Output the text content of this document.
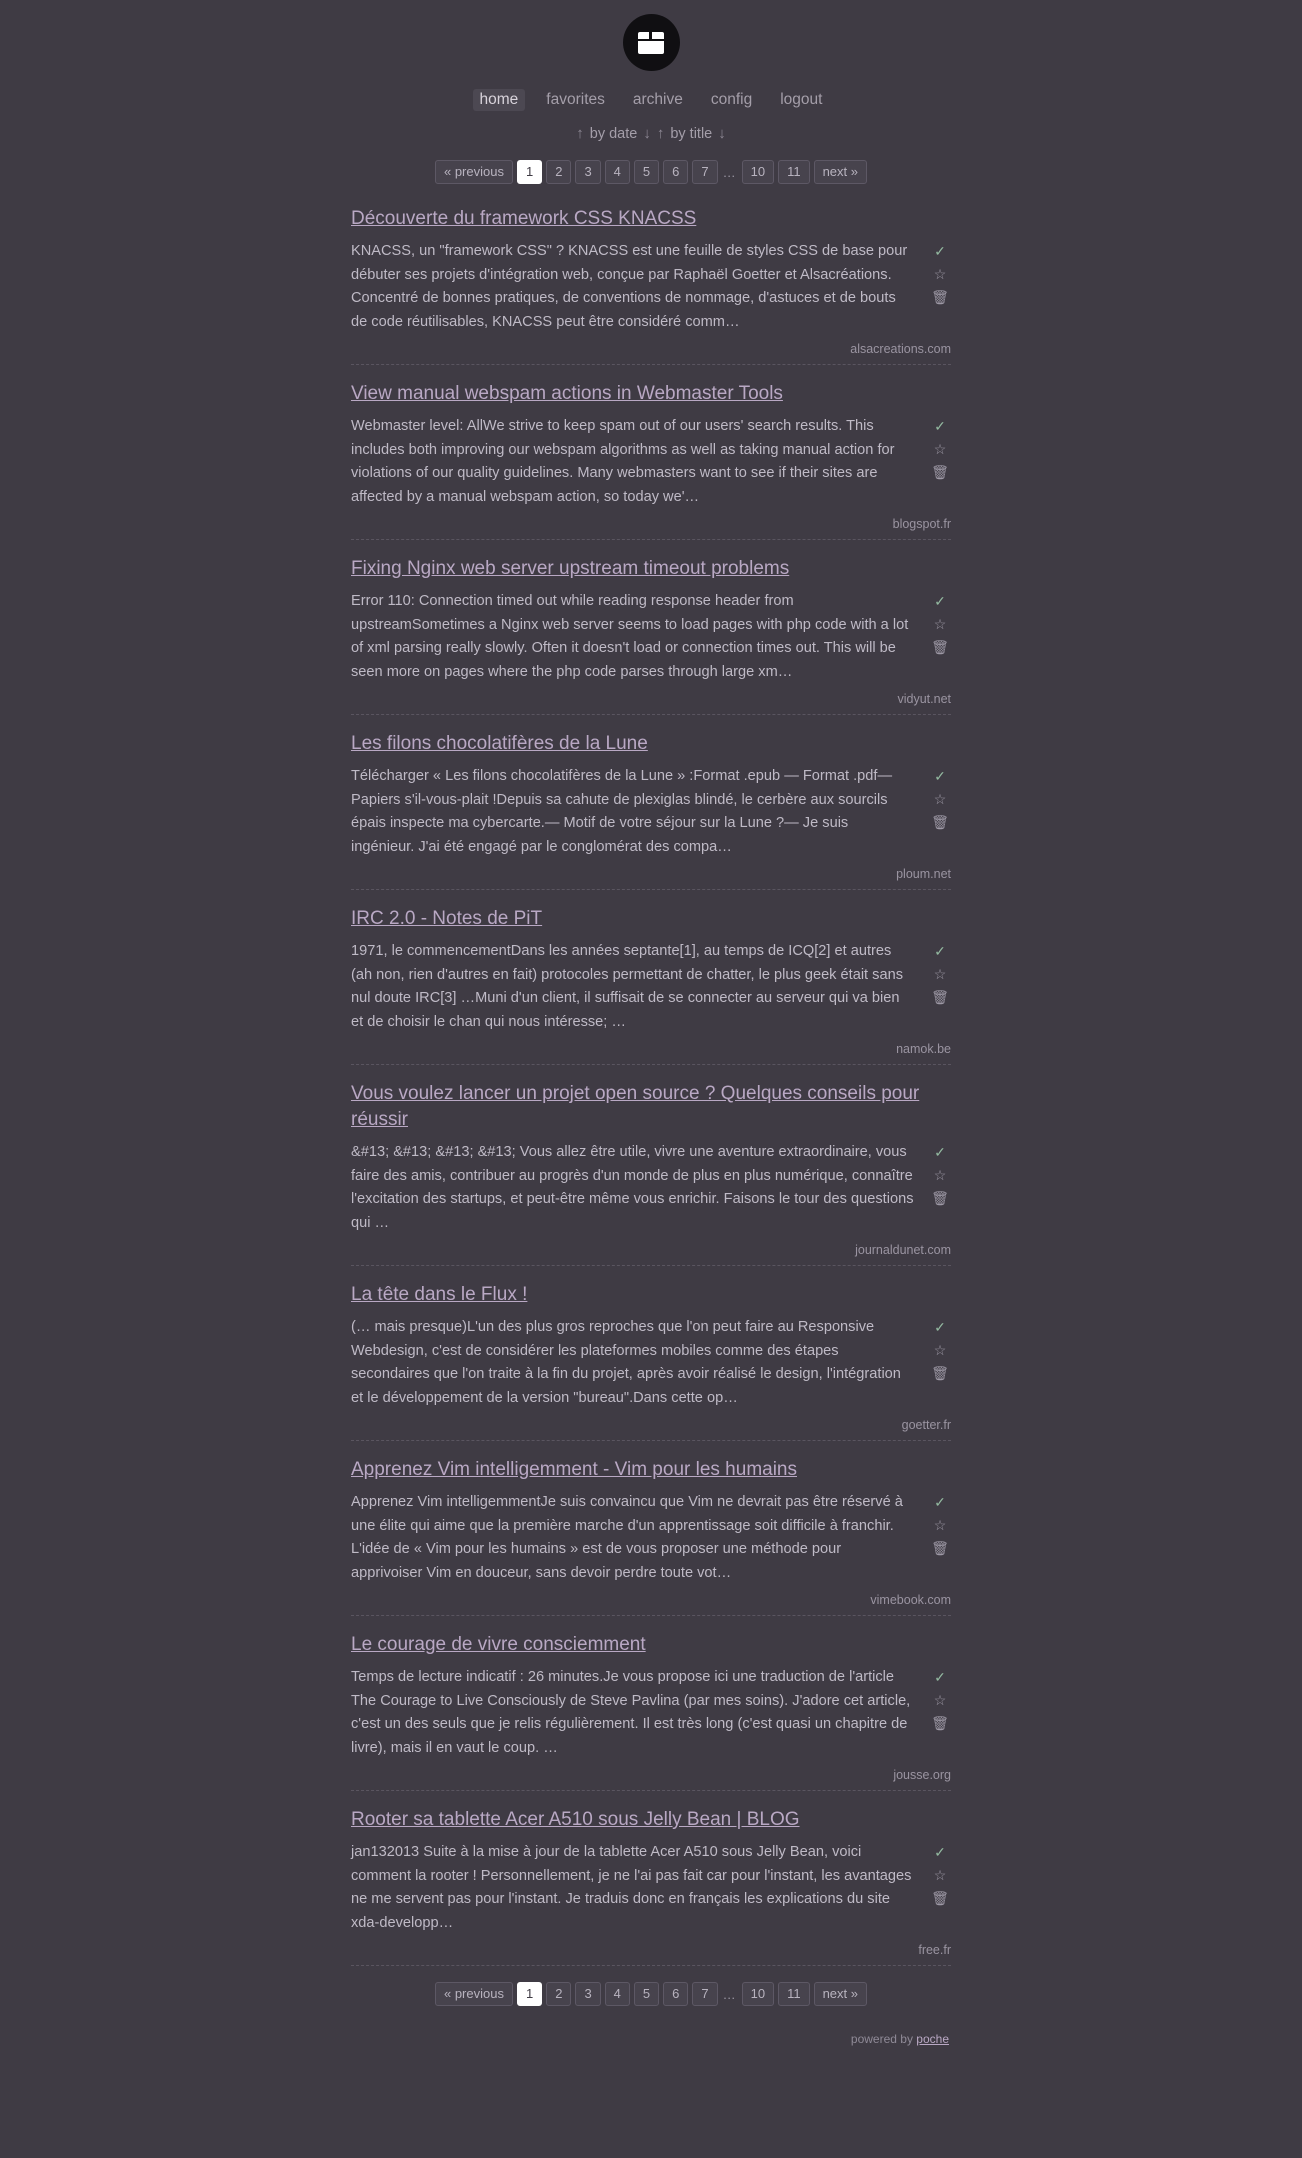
home	favorites	archive	config	logout
↑ by date ↓ ↑ by title ↓
« previous	1	2	3	4	5	6	7	…	10	11	next »
Découverte du framework CSS KNACSS
KNACSS, un "framework CSS" ? KNACSS est une feuille de styles CSS de base pour débuter ses projets d'intégration web, conçue par Raphaël Goetter et Alsacréations. Concentré de bonnes pratiques, de conventions de nommage, d'astuces et de bouts de code réutilisables, KNACSS peut être considéré comm…
✓
☆
🗑
alsacreations.com
View manual webspam actions in Webmaster Tools
Webmaster level: AllWe strive to keep spam out of our users' search results. This includes both improving our webspam algorithms as well as taking manual action for violations of our quality guidelines. Many webmasters want to see if their sites are affected by a manual webspam action, so today we'…
✓
☆
🗑
blogspot.fr
Fixing Nginx web server upstream timeout problems
Error 110: Connection timed out while reading response header from upstreamSometimes a Nginx web server seems to load pages with php code with a lot of xml parsing really slowly. Often it doesn't load or connection times out. This will be seen more on pages where the php code parses through large xm…
✓
☆
🗑
vidyut.net
Les filons chocolatifères de la Lune
Télécharger « Les filons chocolatifères de la Lune » :Format .epub — Format .pdf— Papiers s'il-vous-plait !Depuis sa cahute de plexiglas blindé, le cerbère aux sourcils épais inspecte ma cybercarte.— Motif de votre séjour sur la Lune ?— Je suis ingénieur. J'ai été engagé par le conglomérat des compa…
✓
☆
🗑
ploum.net
IRC 2.0 - Notes de PiT
1971, le commencementDans les années septante[1], au temps de ICQ[2] et autres (ah non, rien d'autres en fait) protocoles permettant de chatter, le plus geek était sans nul doute IRC[3] …Muni d'un client, il suffisait de se connecter au serveur qui va bien et de choisir le chan qui nous intéresse; …
✓
☆
🗑
namok.be
Vous voulez lancer un projet open source ? Quelques conseils pour réussir
&#13; &#13; &#13; &#13; Vous allez être utile, vivre une aventure extraordinaire, vous faire des amis, contribuer au progrès d'un monde de plus en plus numérique, connaître l'excitation des startups, et peut-être même vous enrichir. Faisons le tour des questions qui …
✓
☆
🗑
journaldunet.com
La tête dans le Flux !
(… mais presque)L'un des plus gros reproches que l'on peut faire au Responsive Webdesign, c'est de considérer les plateformes mobiles comme des étapes secondaires que l'on traite à la fin du projet, après avoir réalisé le design, l'intégration et le développement de la version "bureau".Dans cette op…
✓
☆
🗑
goetter.fr
Apprenez Vim intelligemment - Vim pour les humains
Apprenez Vim intelligemmentJe suis convaincu que Vim ne devrait pas être réservé à une élite qui aime que la première marche d'un apprentissage soit difficile à franchir. L'idée de « Vim pour les humains » est de vous proposer une méthode pour apprivoiser Vim en douceur, sans devoir perdre toute vot…
✓
☆
🗑
vimebook.com
Le courage de vivre consciemment
Temps de lecture indicatif : 26 minutes.Je vous propose ici une traduction de l'article The Courage to Live Consciously de Steve Pavlina (par mes soins). J'adore cet article, c'est un des seuls que je relis régulièrement. Il est très long (c'est quasi un chapitre de livre), mais il en vaut le coup. …
✓
☆
🗑
jousse.org
Rooter sa tablette Acer A510 sous Jelly Bean | BLOG
jan132013 Suite à la mise à jour de la tablette Acer A510 sous Jelly Bean, voici comment la rooter ! Personnellement, je ne l'ai pas fait car pour l'instant, les avantages ne me servent pas pour l'instant. Je traduis donc en français les explications du site xda-developp…
✓
☆
🗑
free.fr
« previous	1	2	3	4	5	6	7	…	10	11	next »
powered by poche
